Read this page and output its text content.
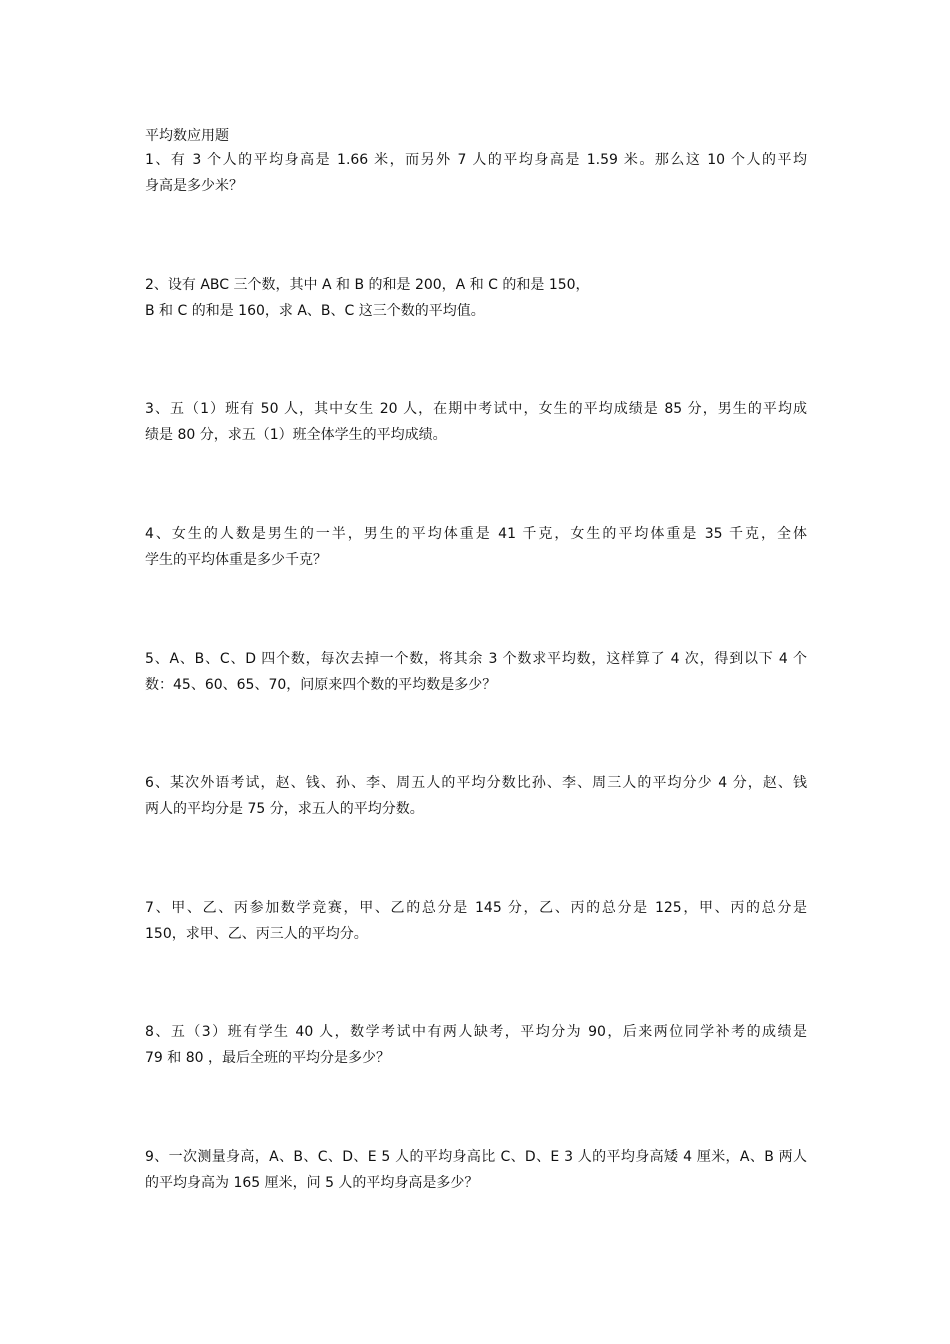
平均数应用题
1、有 3 个人的平均身高是 1.66 米，而另外 7 人的平均身高是 1.59 米。那么这 10 个人的平均
身高是多少米？
2、设有 ABC 三个数，其中 A 和 B 的和是 200，A 和 C 的和是 150，
B 和 C 的和是 160，求 A、B、C 这三个数的平均值。
3、五（1）班有 50 人，其中女生 20 人，在期中考试中，女生的平均成绩是 85 分，男生的平均成
绩是 80 分，求五（1）班全体学生的平均成绩。
4、女生的人数是男生的一半，男生的平均体重是 41 千克，女生的平均体重是 35 千克，全体
学生的平均体重是多少千克？
5、A、B、C、D 四个数，每次去掉一个数，将其余 3 个数求平均数，这样算了 4 次，得到以下 4 个
数：45、60、65、70，问原来四个数的平均数是多少？
6、某次外语考试，赵、钱、孙、李、周五人的平均分数比孙、李、周三人的平均分少 4 分，赵、钱
两人的平均分是 75 分，求五人的平均分数。
7、甲、乙、丙参加数学竞赛，甲、乙的总分是 145 分，乙、丙的总分是 125，甲、丙的总分是
150，求甲、乙、丙三人的平均分。
8、五（3）班有学生 40 人，数学考试中有两人缺考，平均分为 90，后来两位同学补考的成绩是
79 和 80 ，最后全班的平均分是多少？
9、一次测量身高，A、B、C、D、E 5 人的平均身高比 C、D、E 3 人的平均身高矮 4 厘米，A、B 两人
的平均身高为 165 厘米，问 5 人的平均身高是多少？
